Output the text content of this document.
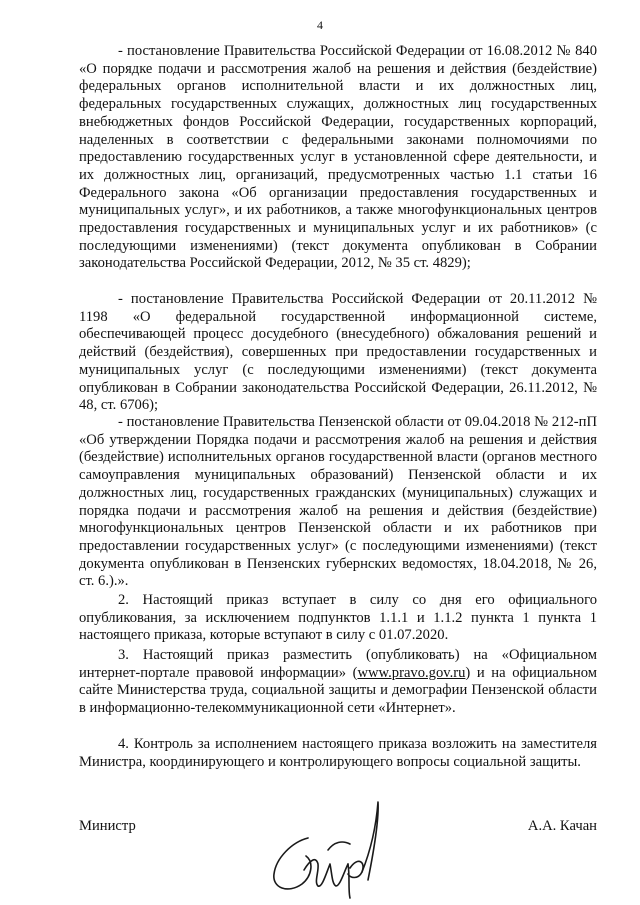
4

- постановление Правительства Российской Федерации от 16.08.2012 № 840 «О порядке подачи и рассмотрения жалоб на решения и действия (бездействие) федеральных органов исполнительной власти и их должностных лиц, федеральных государственных служащих, должностных лиц государственных внебюджетных фондов Российской Федерации, государственных корпораций, наделенных в соответствии с федеральными законами полномочиями по предоставлению государственных услуг в установленной сфере деятельности, и их должностных лиц, организаций, предусмотренных частью 1.1 статьи 16 Федерального закона «Об организации предоставления государственных и муниципальных услуг», и их работников, а также многофункциональных центров предоставления государственных и муниципальных услуг и их работников» (с последующими изменениями) (текст документа опубликован в Собрании законодательства Российской Федерации, 2012, № 35 ст. 4829);

- постановление Правительства Российской Федерации от 20.11.2012 № 1198 «О федеральной государственной информационной системе, обеспечивающей процесс досудебного (внесудебного) обжалования решений и действий (бездействия), совершенных при предоставлении государственных и муниципальных услуг (с последующими изменениями) (текст документа опубликован в Собрании законодательства Российской Федерации, 26.11.2012, № 48, ст. 6706);

- постановление Правительства Пензенской области от 09.04.2018 № 212-пП «Об утверждении Порядка подачи и рассмотрения жалоб на решения и действия (бездействие) исполнительных органов государственной власти (органов местного самоуправления муниципальных образований) Пензенской области и их должностных лиц, государственных гражданских (муниципальных) служащих и порядка подачи и рассмотрения жалоб на решения и действия (бездействие) многофункциональных центров Пензенской области и их работников при предоставлении государственных услуг» (с последующими изменениями) (текст документа опубликован в Пензенских губернских ведомостях, 18.04.2018, № 26, ст. 6.).».

2. Настоящий приказ вступает в силу со дня его официального опубликования, за исключением подпунктов 1.1.1 и 1.1.2 пункта 1 пункта 1 настоящего приказа, которые вступают в силу с 01.07.2020.

3. Настоящий приказ разместить (опубликовать) на «Официальном интернет-портале правовой информации» (www.pravo.gov.ru) и на официальном сайте Министерства труда, социальной защиты и демографии Пензенской области в информационно-телекоммуникационной сети «Интернет».

4. Контроль за исполнением настоящего приказа возложить на заместителя Министра, координирующего и контролирующего вопросы социальной защиты.

Министр	А.А. Качан
